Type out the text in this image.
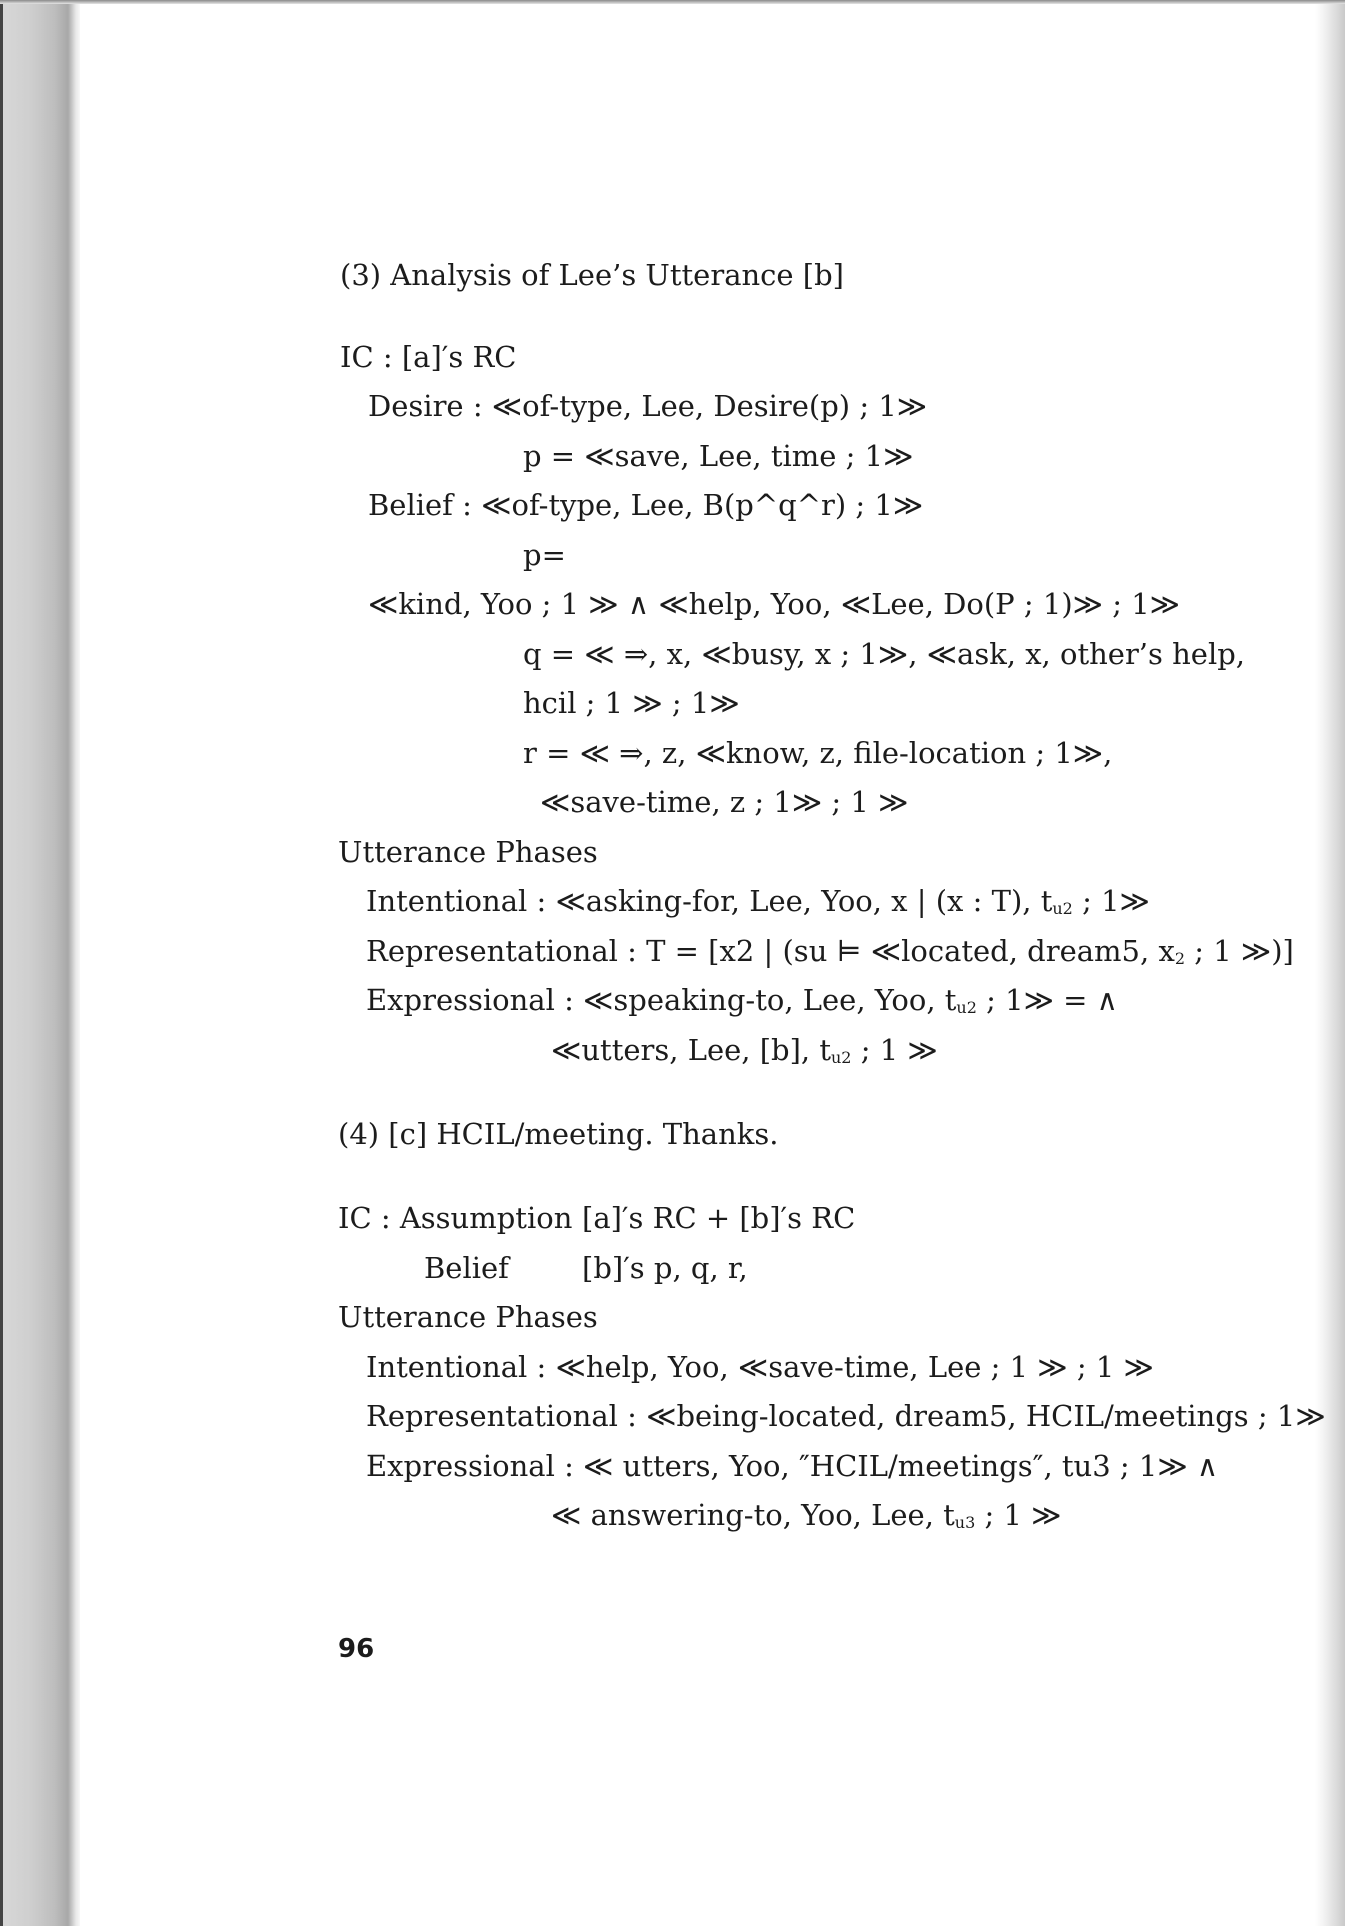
(3) Analysis of Lee’s Utterance [b]
IC : [a]′s RC
Desire : ≪of-type, Lee, Desire(p) ; 1≫
p = ≪save, Lee, time ; 1≫
Belief : ≪of-type, Lee, B(p^q^r) ; 1≫
p=
≪kind, Yoo ; 1 ≫ ∧ ≪help, Yoo, ≪Lee, Do(P ; 1)≫ ; 1≫
q = ≪ ⇒, x, ≪busy, x ; 1≫, ≪ask, x, other’s help,
hcil ; 1 ≫ ; 1≫
r = ≪ ⇒, z, ≪know, z, file-location ; 1≫,
≪save-time, z ; 1≫ ; 1 ≫
Utterance Phases
Intentional : ≪asking-for, Lee, Yoo, x | (x : T), $t_{u2}$ ; 1≫
Representational : T = [x2 | (su ⊨ ≪located, dream5, $x_2$ ; 1 ≫)]
Expressional : ≪speaking-to, Lee, Yoo, $t_{u2}$ ; 1≫ = ∧
≪utters, Lee, [b], $t_{u2}$ ; 1 ≫
(4) [c] HCIL/meeting. Thanks.
IC : Assumption [a]′s RC + [b]′s RC
Belief	[b]′s p, q, r,
Utterance Phases
Intentional : ≪help, Yoo, ≪save-time, Lee ; 1 ≫ ; 1 ≫
Representational : ≪being-located, dream5, HCIL/meetings ; 1≫
Expressional : ≪ utters, Yoo, ″HCIL/meetings″, tu3 ; 1≫ ∧
≪ answering-to, Yoo, Lee, $t_{u3}$ ; 1 ≫
96
